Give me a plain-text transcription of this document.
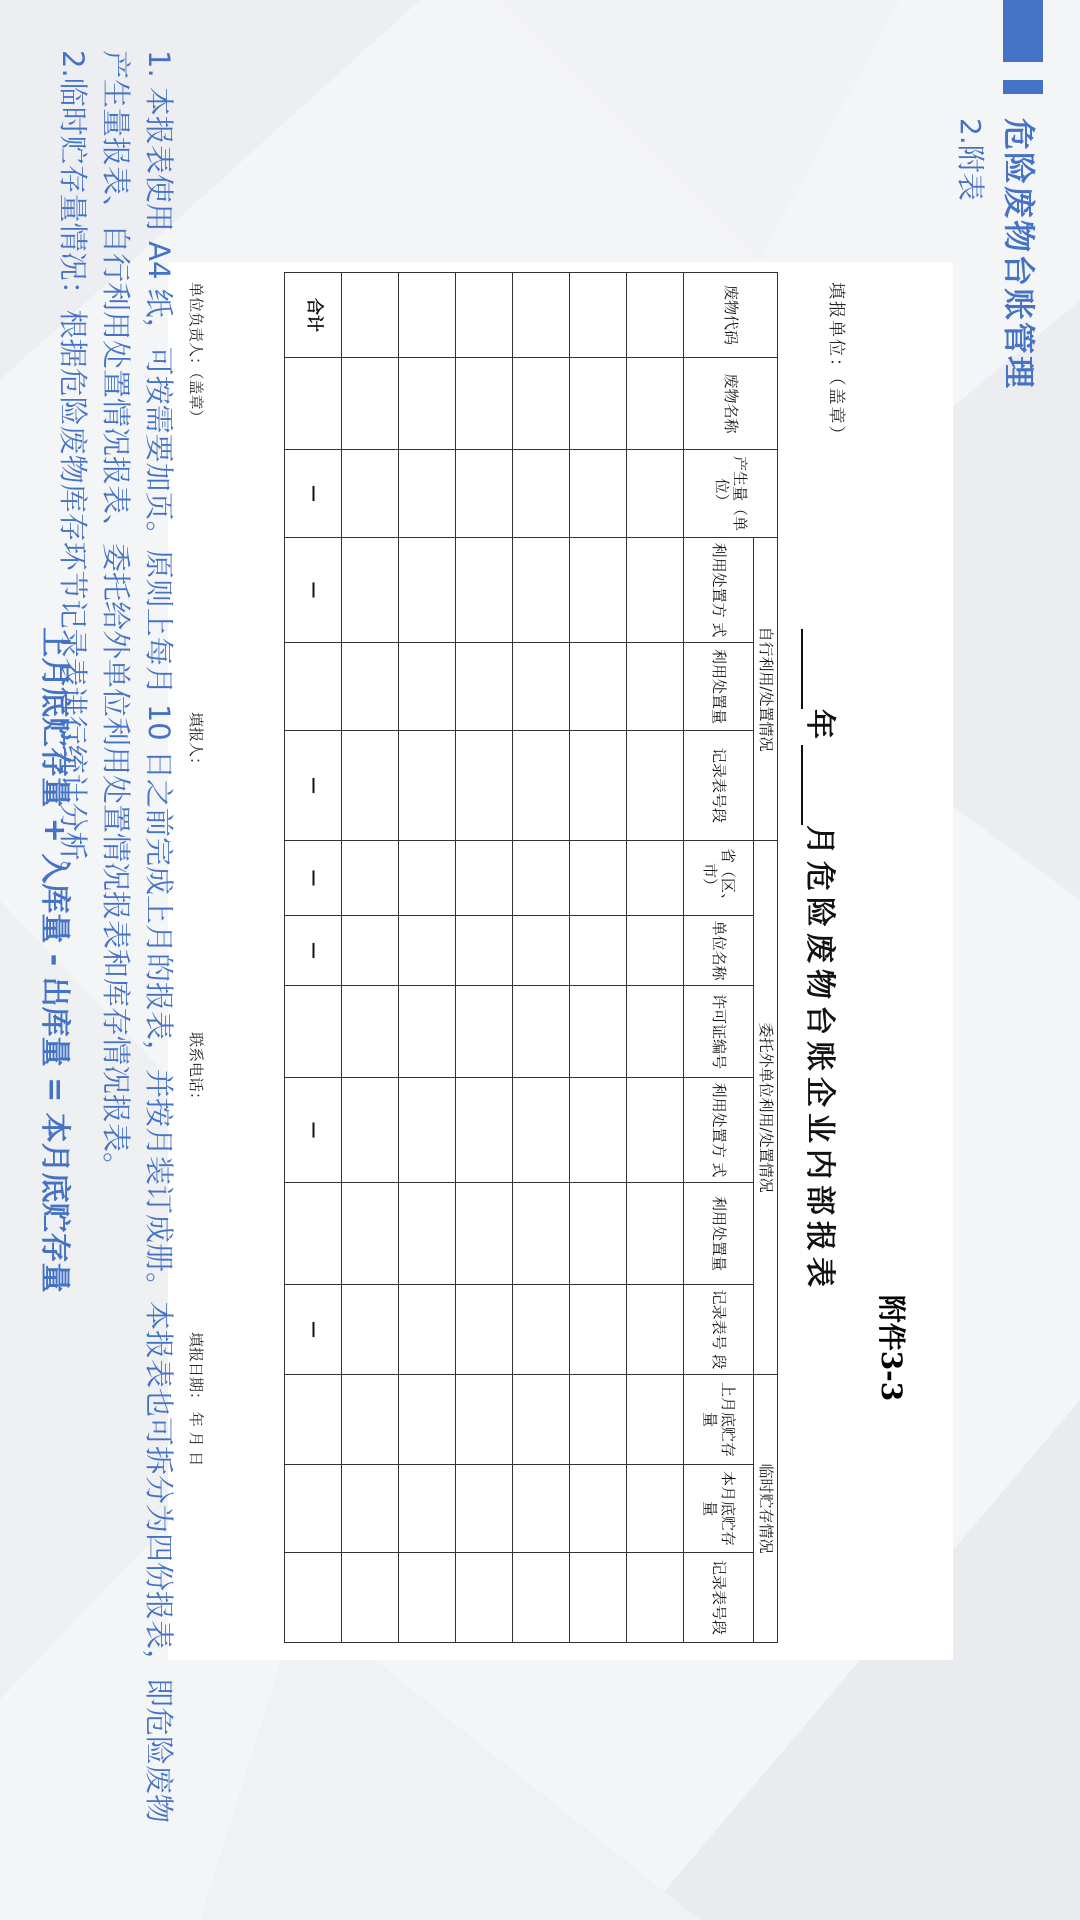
危险废物台账管理
2.附表
附件3-3
填报单位：（盖章）
年月危险废物台账企业内部报表
废物代码	废物名称	产生量（单位）	自行利用/处置情况			委托外单位利用/处置情况						临时贮存情况		
			利用处置方 式	利用处置量	记录表号段	省（区、市）	单位名称	许可证编号	利用处置方 式	利用处置量	记录表号 段	上月底贮存量	本月底贮存量	记录表号段

合计		—	—		—	—	—		—		—			
单位负责人：（盖章）
填报人：
联系电话：
填报日期： 年 月 日

1. 本报表使用 A4 纸，可按需要加页。原则上每月 10 日之前完成上月的报表，并按月装订成册。本报表也可拆分为四份报表，即危险废物产生量报表、自行利用处置情况报表、委托给外单位利用处置情况报表和库存情况报表。

2.临时贮存量情况：根据危险废物库存环节记录表进行统计分析。

上月底贮存量 + 入库量 - 出库量 = 本月底贮存量
